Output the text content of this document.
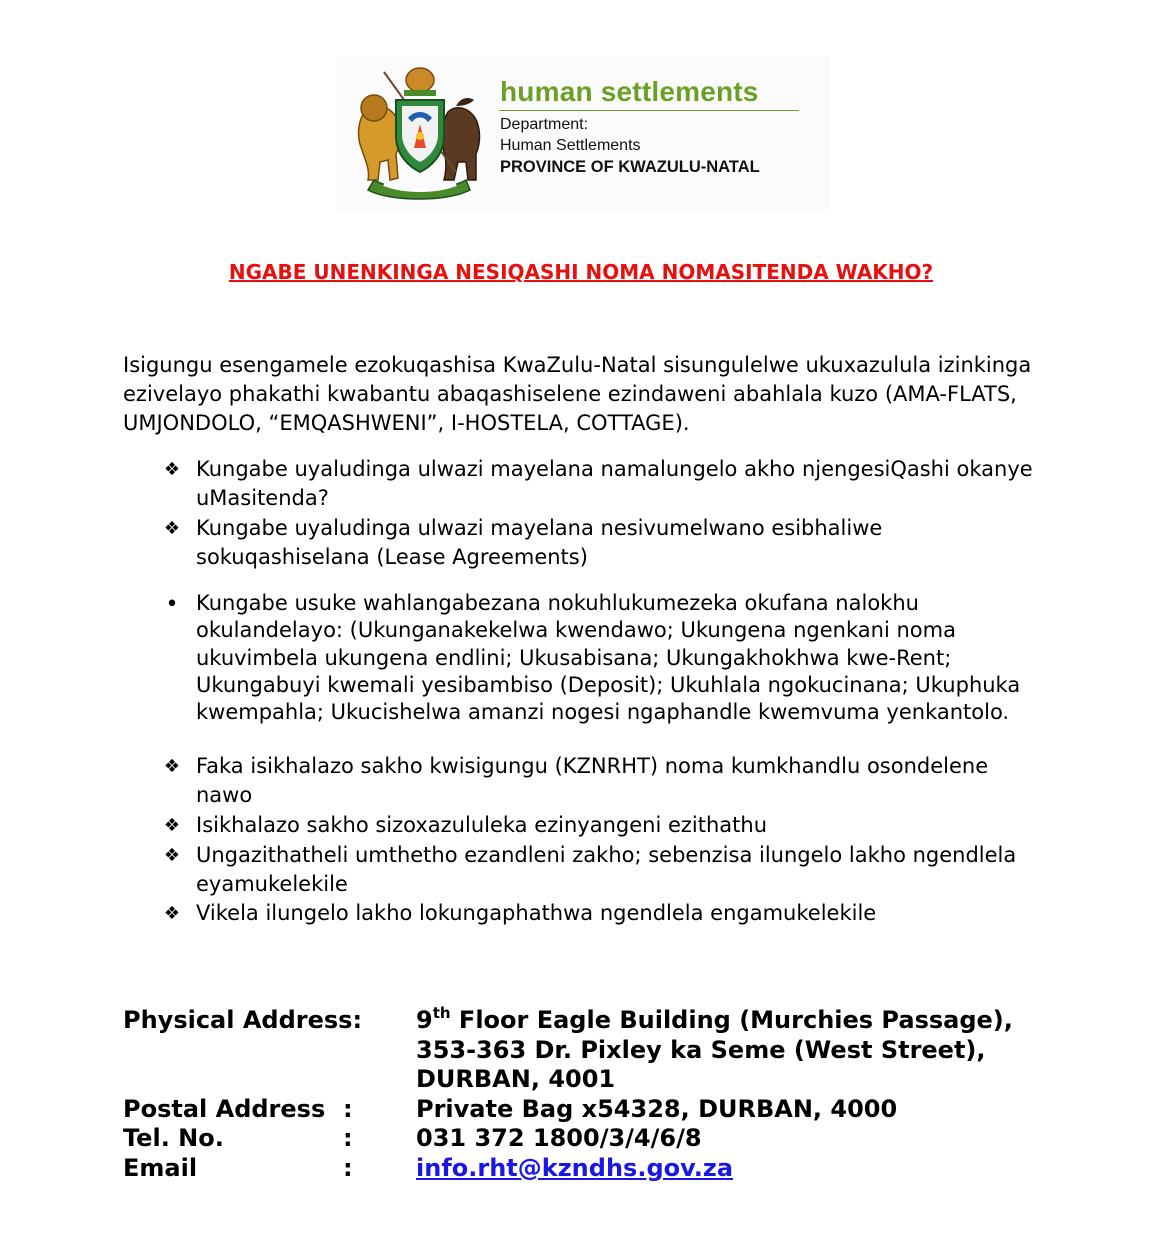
human settlements
Department:
Human Settlements
PROVINCE OF KWAZULU-NATAL
NGABE UNENKINGA NESIQASHI NOMA NOMASITENDA WAKHO?

Isigungu esengamele ezokuqashisa KwaZulu-Natal sisungulelwe ukuxazulula izinkinga ezivelayo phakathi kwabantu abaqashiselene ezindaweni abahlala kuzo (AMA-FLATS, UMJONDOLO, “EMQASHWENI”, I-HOSTELA, COTTAGE).

❖ Kungabe uyaludinga ulwazi mayelana namalungelo akho njengesiQashi okanye uMasitenda?
❖ Kungabe uyaludinga ulwazi mayelana nesivumelwano esibhaliwe sokuqashiselana (Lease Agreements)
• Kungabe usuke wahlangabezana nokuhlukumezeka okufana nalokhu okulandelayo: (Ukunganakekelwa kwendawo; Ukungena ngenkani noma ukuvimbela ukungena endlini; Ukusabisana; Ukungakhokhwa kwe-Rent; Ukungabuyi kwemali yesibambiso (Deposit); Ukuhlala ngokucinana; Ukuphuka kwempahla; Ukucishelwa amanzi nogesi ngaphandle kwemvuma yenkantolo.
❖ Faka isikhalazo sakho kwisigungu (KZNRHT) noma kumkhandlu osondelene nawo
❖ Isikhalazo sakho sizoxazululeka ezinyangeni ezithathu
❖ Ungazithatheli umthetho ezandleni zakho; sebenzisa ilungelo lakho ngendlela eyamukelekile
❖ Vikela ilungelo lakho lokungaphathwa ngendlela engamukelekile
Physical Address: 9th Floor Eagle Building (Murchies Passage),
353-363 Dr. Pixley ka Seme (West Street),
DURBAN, 4001
Postal Address :	Private Bag x54328, DURBAN, 4000
Tel. No.	:	031 372 1800/3/4/6/8
Email	:	info.rht@kzndhs.gov.za
